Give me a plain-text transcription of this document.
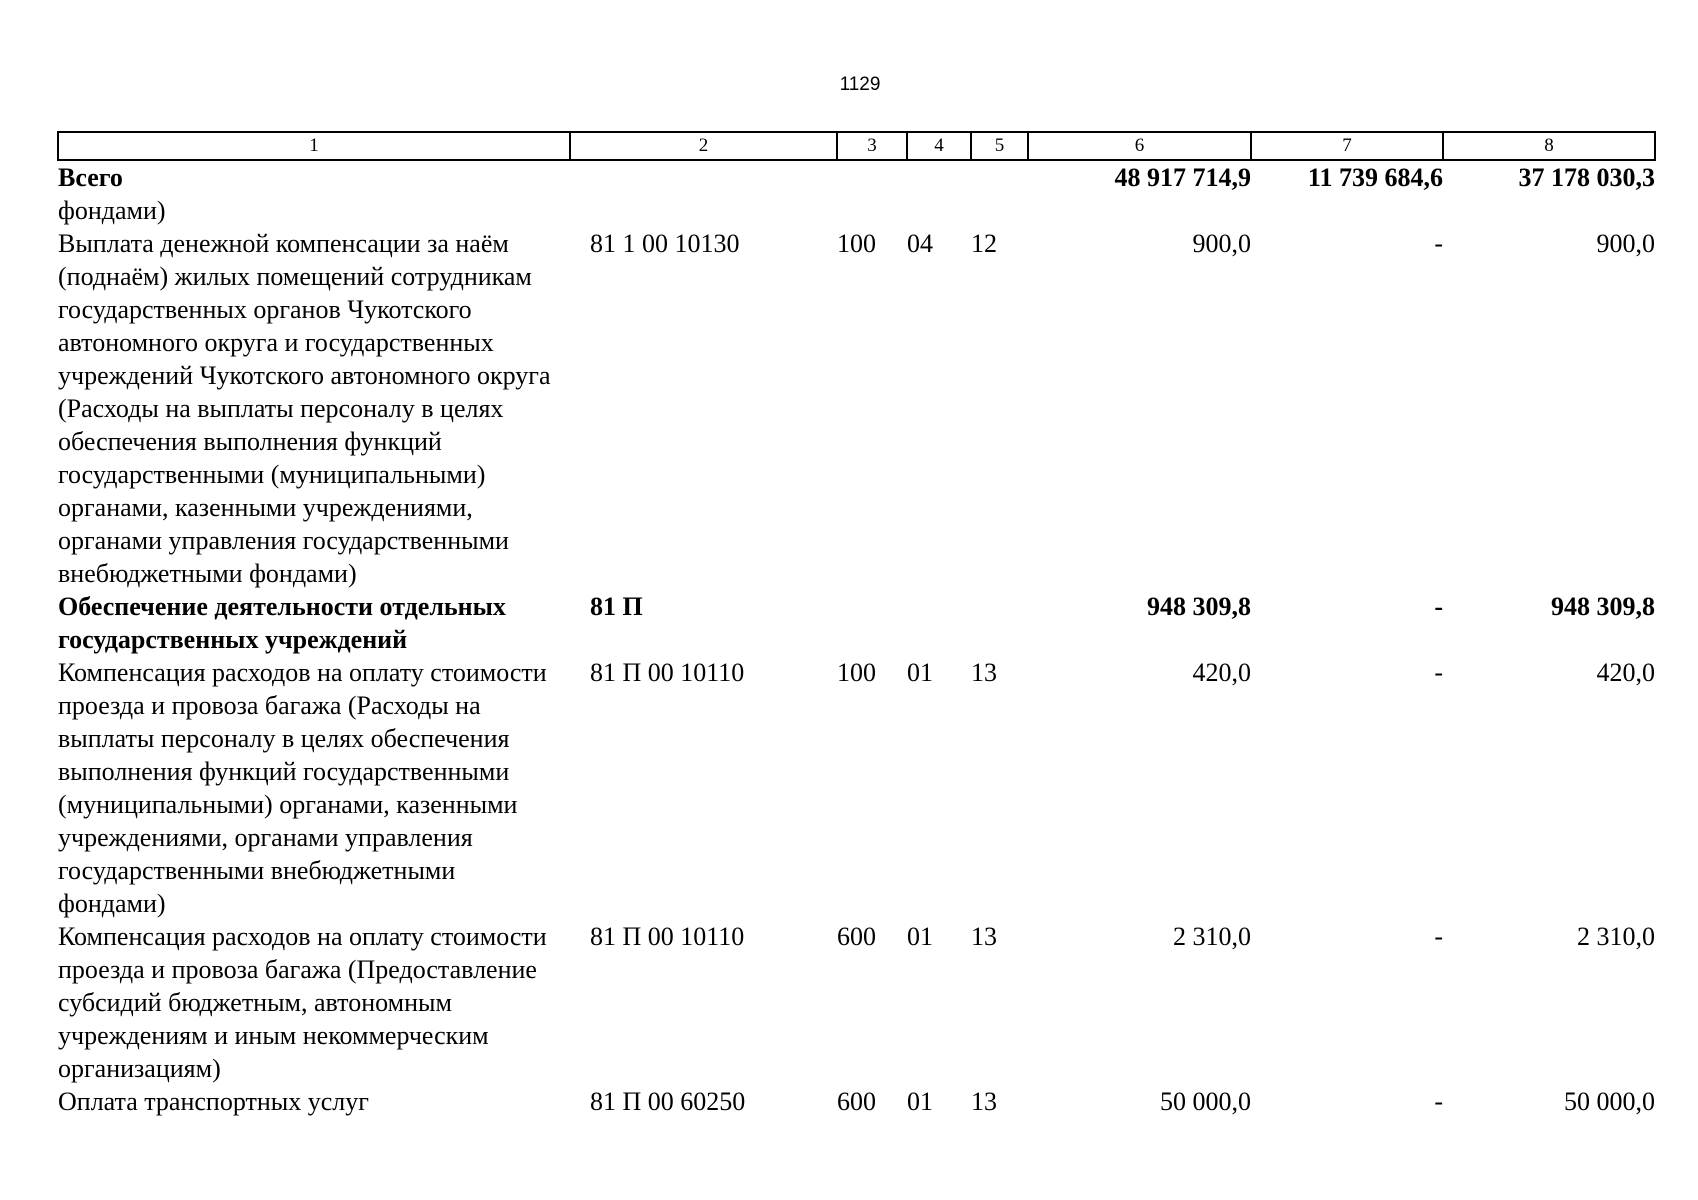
1129
1	2	3	4	5	6	7	8
Всего					48 917 714,9	11 739 684,6	37 178 030,3
фондами)							
Выплата денежной компенсации за наём (поднаём) жилых помещений сотрудникам государственных органов Чукотского автономного округа и государственных учреждений Чукотского автономного округа (Расходы на выплаты персоналу в целях обеспечения выполнения функций государственными (муниципальными) органами, казенными учреждениями, органами управления государственными внебюджетными фондами)	81 1 00 10130	100	04	12	900,0	-	900,0
Обеспечение деятельности отдельных государственных учреждений	81 П				948 309,8	-	948 309,8
Компенсация расходов на оплату стоимости проезда и провоза багажа (Расходы на выплаты персоналу в целях обеспечения выполнения функций государственными (муниципальными) органами, казенными учреждениями, органами управления государственными внебюджетными фондами)	81 П 00 10110	100	01	13	420,0	-	420,0
Компенсация расходов на оплату стоимости проезда и провоза багажа (Предоставление субсидий бюджетным, автономным учреждениям и иным некоммерческим организациям)	81 П 00 10110	600	01	13	2 310,0	-	2 310,0
Оплата транспортных услуг	81 П 00 60250	600	01	13	50 000,0	-	50 000,0
